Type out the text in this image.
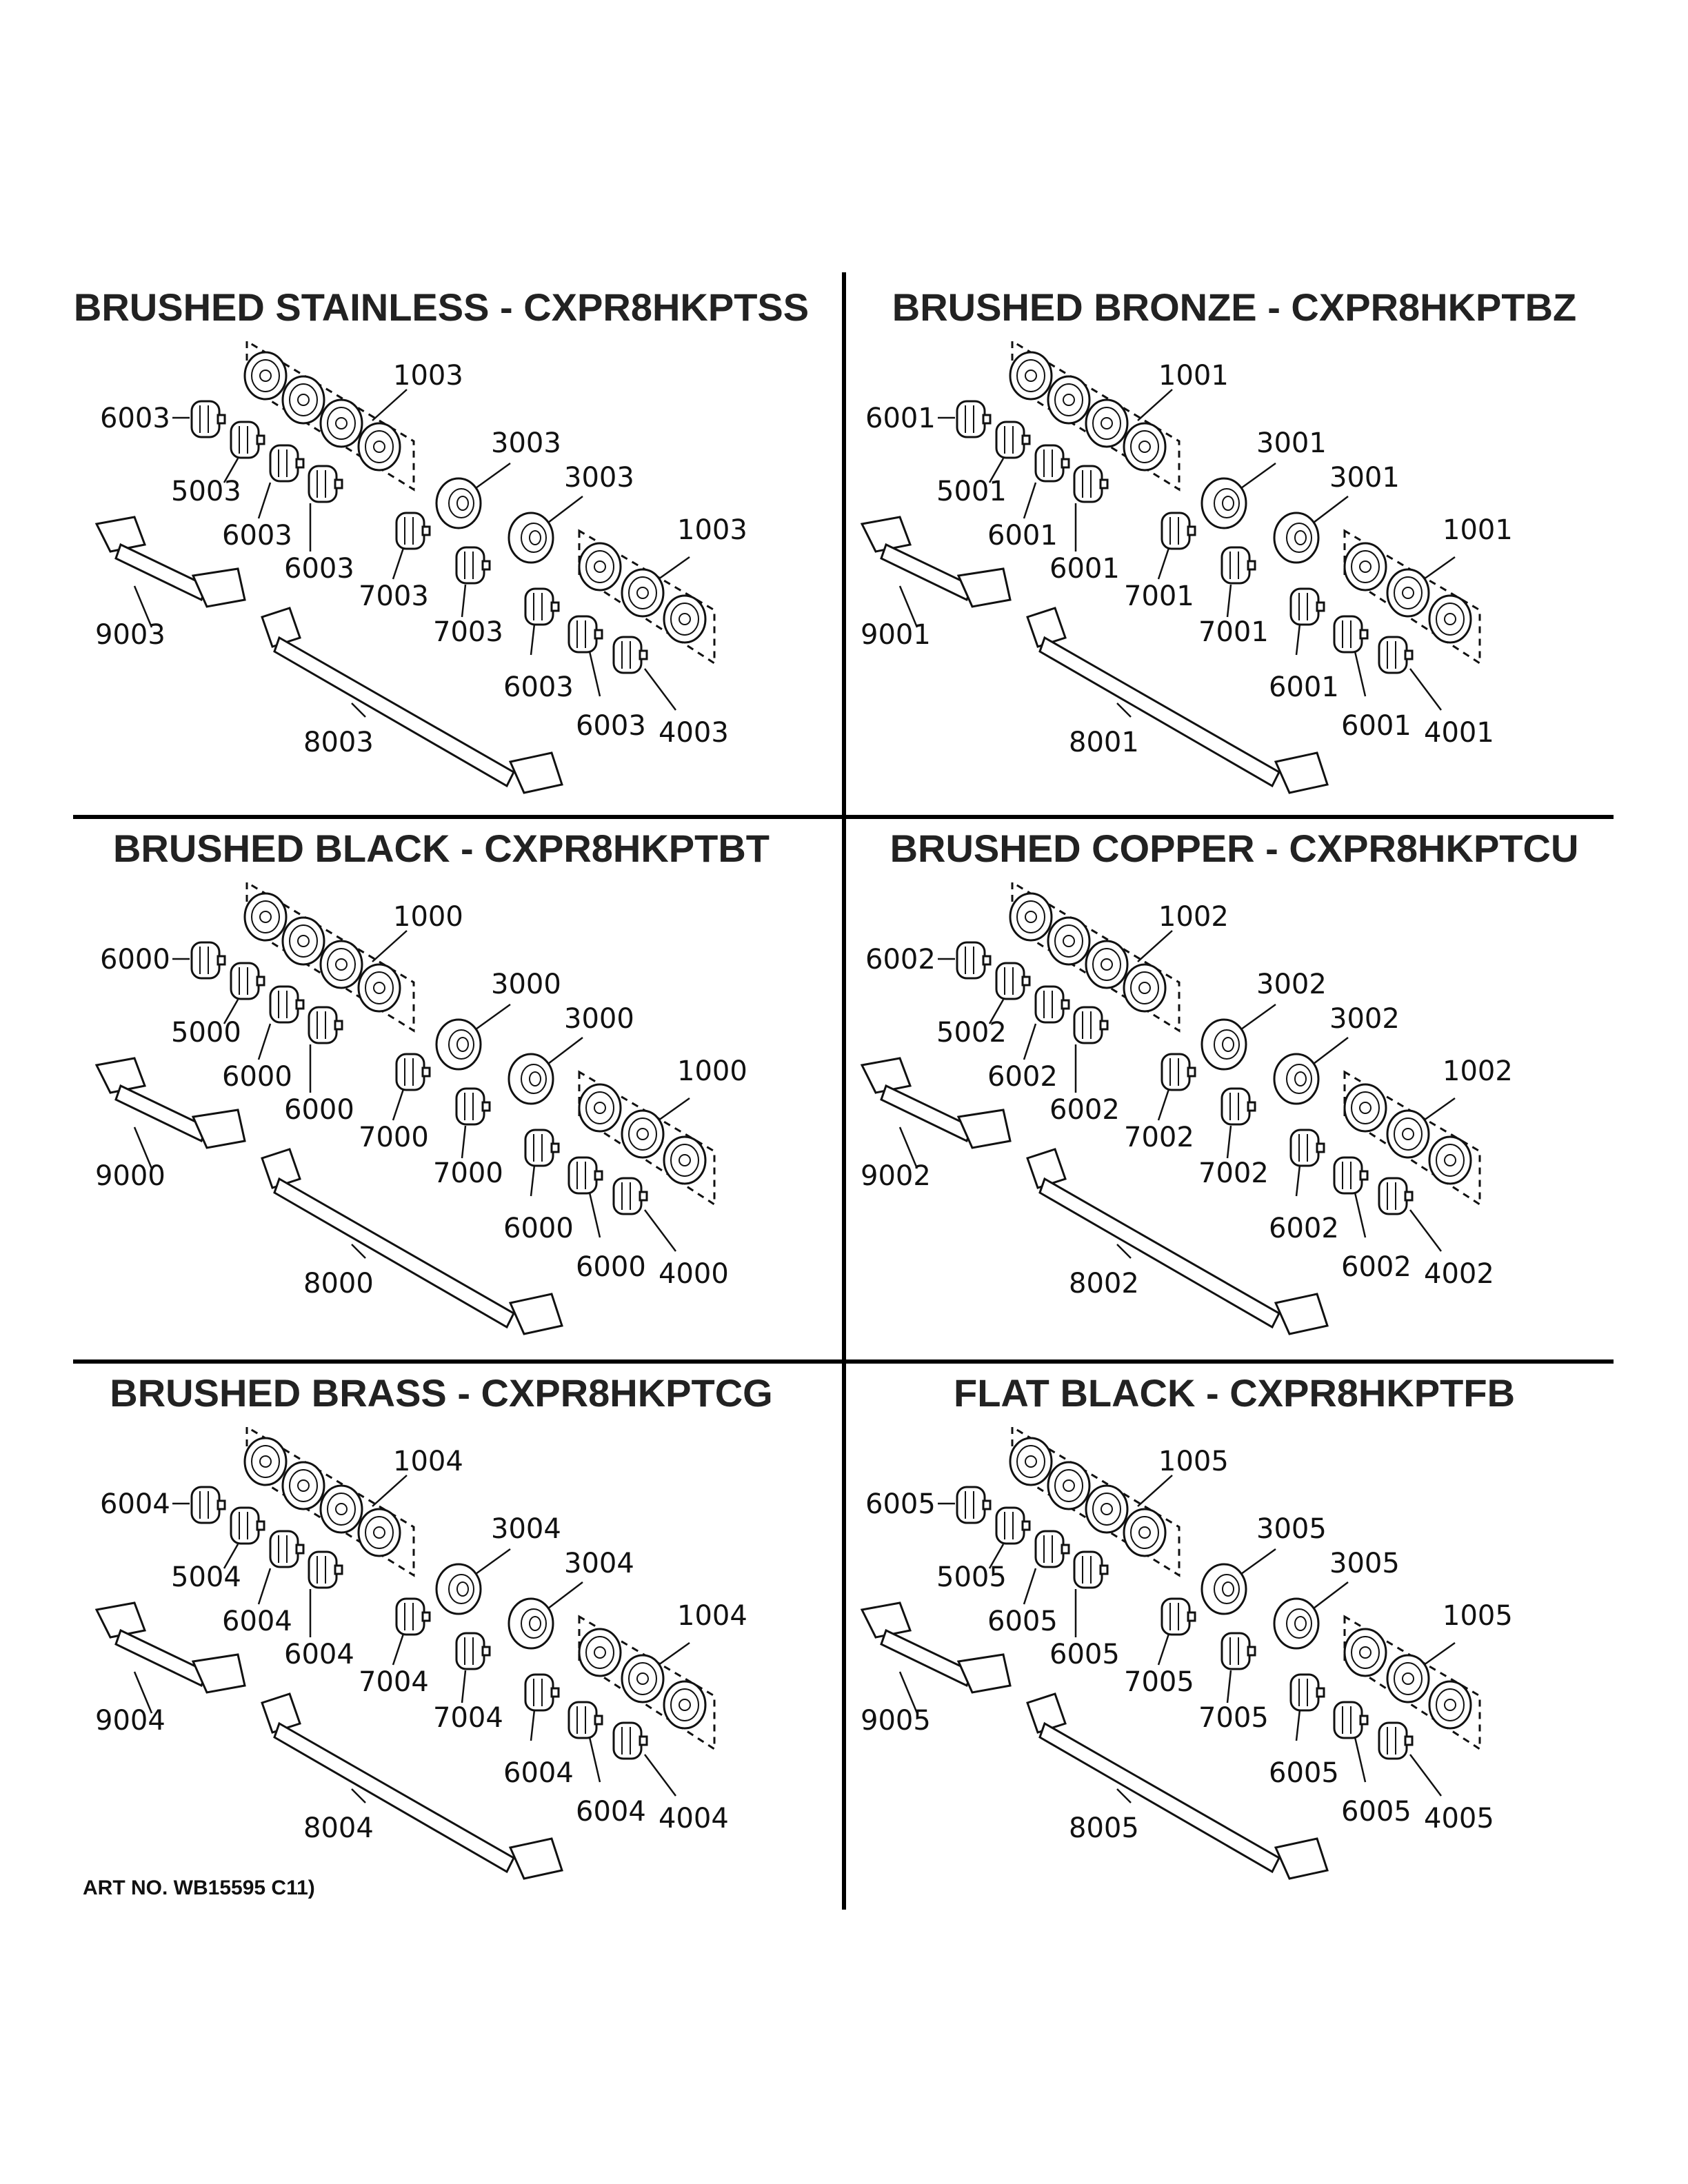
BRUSHED STAINLESS - CXPR8HKPTSS
1003
6003
5003
6003
6003
3003
3003
7003
7003
1003
6003
6003 4003
9003
8003
BRUSHED BRONZE - CXPR8HKPTBZ
1001
6001
5001
6001
6001
3001
3001
7001
7001
1001
6001
6001 4001
9001
8001
BRUSHED BLACK - CXPR8HKPTBT
1000
6000
5000
6000
6000
3000
3000
7000
7000
1000
6000
6000 4000
9000
8000
BRUSHED COPPER - CXPR8HKPTCU
1002
6002
5002
6002
6002
3002
3002
7002
7002
1002
6002
6002 4002
9002
8002
BRUSHED BRASS - CXPR8HKPTCG
1004
6004
5004
6004
6004
3004
3004
7004
7004
1004
6004
6004 4004
9004
8004
FLAT BLACK - CXPR8HKPTFB
1005
6005
5005
6005
6005
3005
3005
7005
7005
1005
6005
6005 4005
9005
8005
ART NO. WB15595 C11)
